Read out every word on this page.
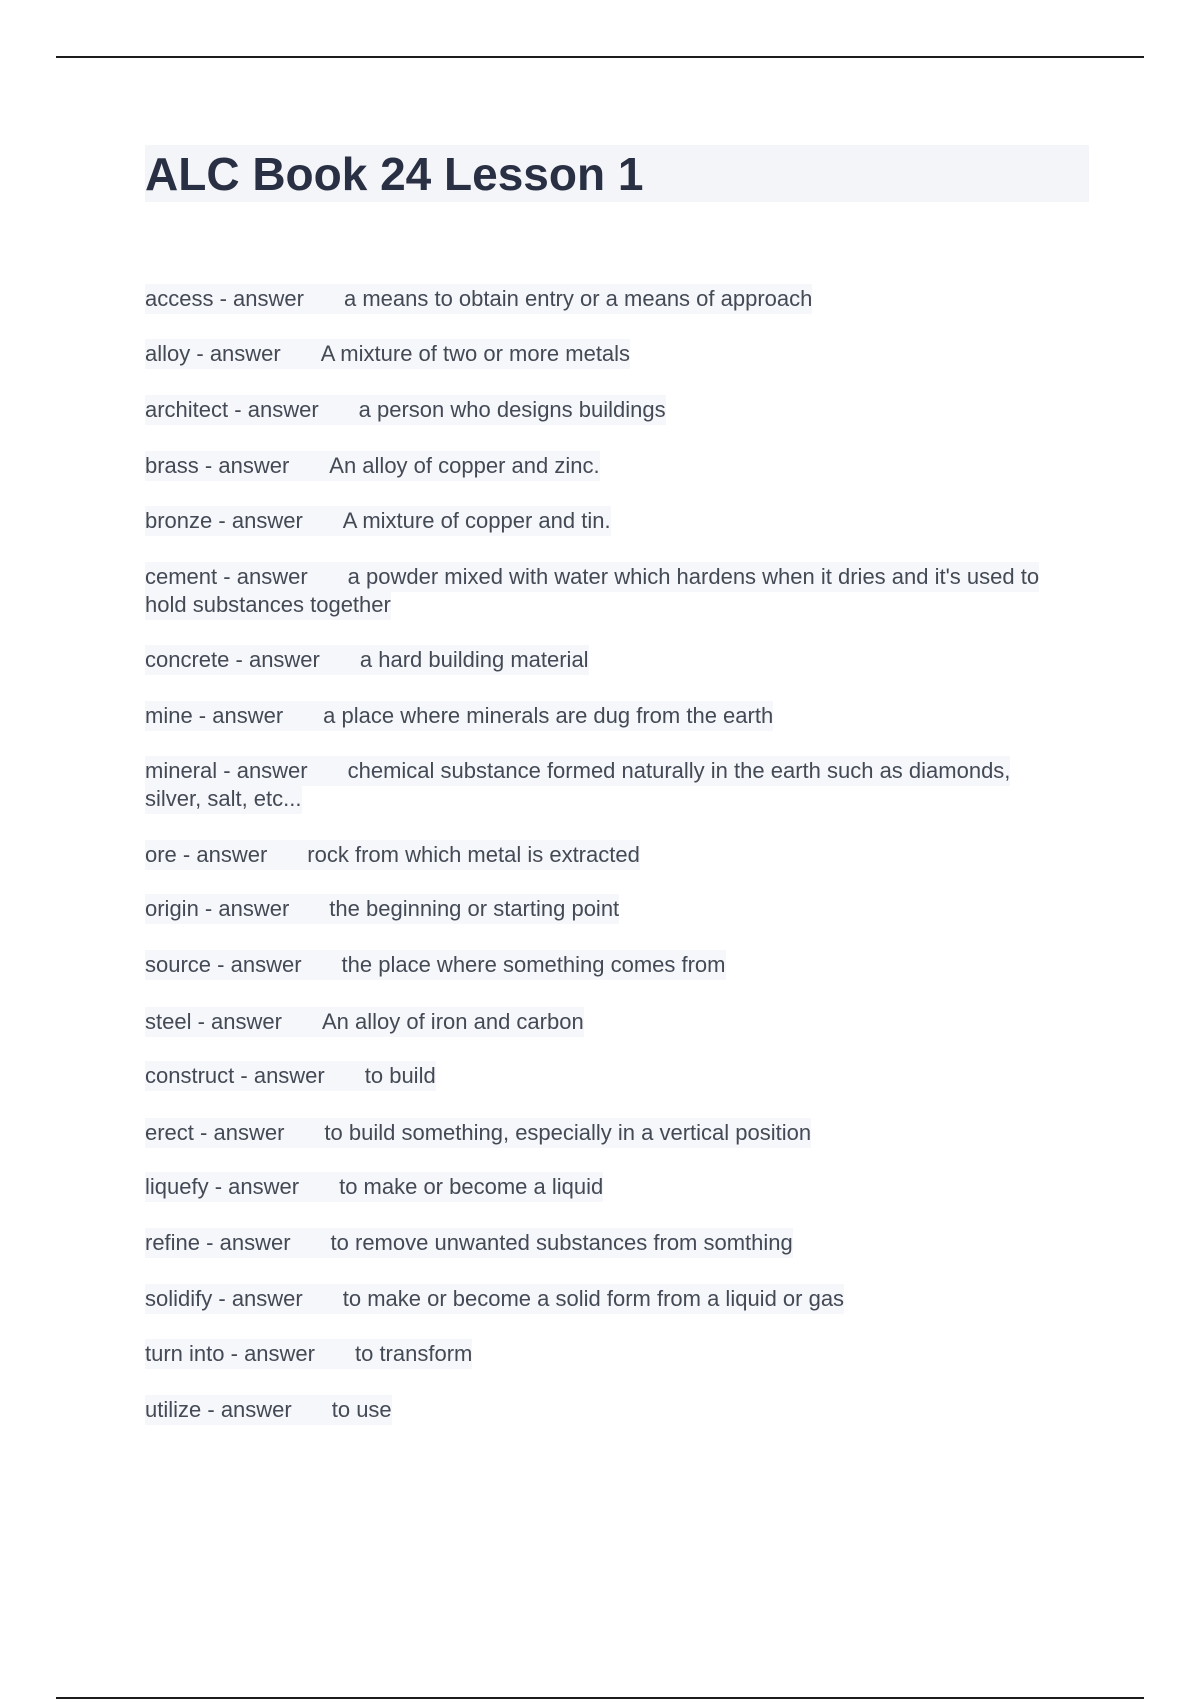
ALC Book 24 Lesson 1
access - answer a means to obtain entry or a means of approach
alloy - answer A mixture of two or more metals
architect - answer a person who designs buildings
brass - answer An alloy of copper and zinc.
bronze - answer A mixture of copper and tin.
cement - answer a powder mixed with water which hardens when it dries and it's used to hold substances together
concrete - answer a hard building material
mine - answer a place where minerals are dug from the earth
mineral - answer chemical substance formed naturally in the earth such as diamonds, silver, salt, etc...
ore - answer rock from which metal is extracted
origin - answer the beginning or starting point
source - answer the place where something comes from
steel - answer An alloy of iron and carbon
construct - answer to build
erect - answer to build something, especially in a vertical position
liquefy - answer to make or become a liquid
refine - answer to remove unwanted substances from somthing
solidify - answer to make or become a solid form from a liquid or gas
turn into - answer to transform
utilize - answer to use
